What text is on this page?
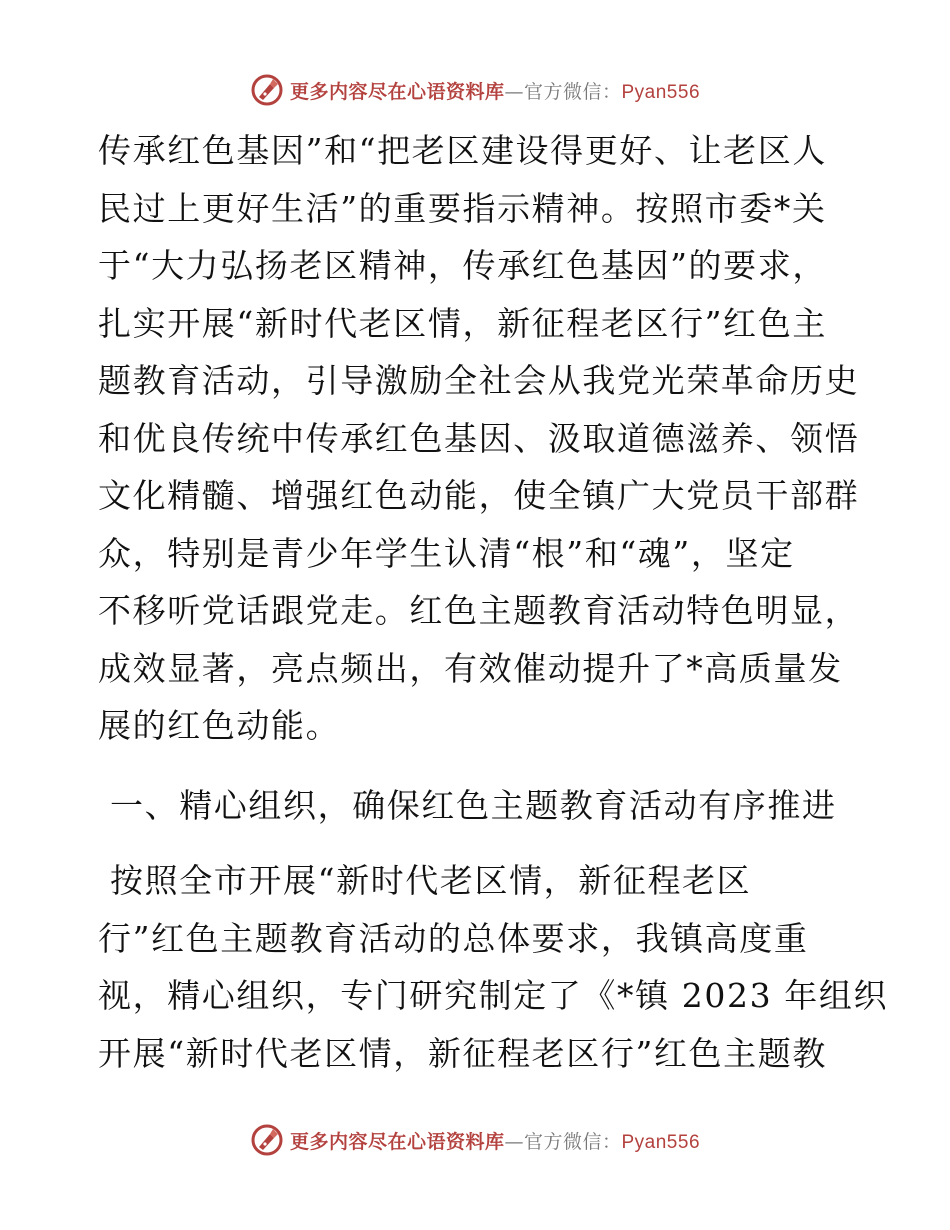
更多内容尽在心语资料库—官方微信：Pyan556
传承红色基因”和“把老区建设得更好、让老区人
民过上更好生活”的重要指示精神。按照市委*关
于“大力弘扬老区精神，传承红色基因”的要求，
扎实开展“新时代老区情，新征程老区行”红色主
题教育活动，引导激励全社会从我党光荣革命历史
和优良传统中传承红色基因、汲取道德滋养、领悟
文化精髓、增强红色动能，使全镇广大党员干部群
众，特别是青少年学生认清“根”和“魂”，坚定
不移听党话跟党走。红色主题教育活动特色明显，
成效显著，亮点频出，有效催动提升了*高质量发
展的红色动能。
一、精心组织，确保红色主题教育活动有序推进
按照全市开展“新时代老区情，新征程老区
行”红色主题教育活动的总体要求，我镇高度重
视，精心组织，专门研究制定了《*镇 2023 年组织
开展“新时代老区情，新征程老区行”红色主题教
更多内容尽在心语资料库—官方微信：Pyan556
